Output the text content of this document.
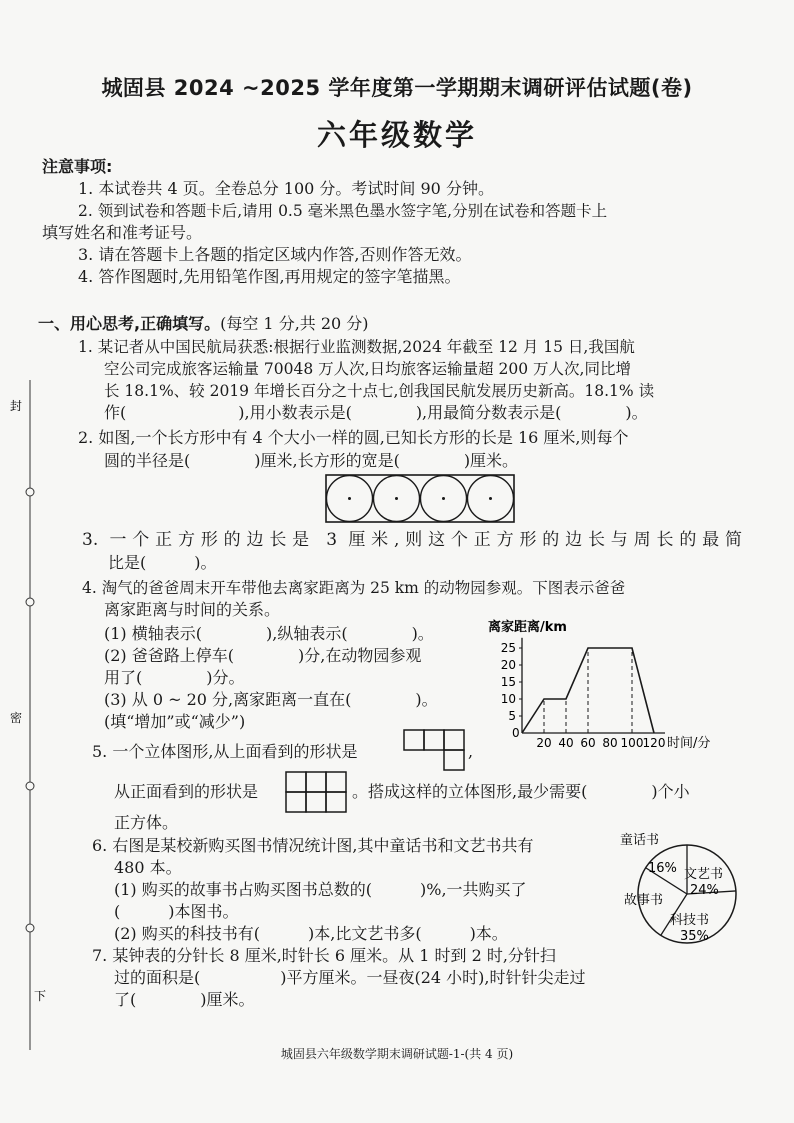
城固县 2024 ~2025 学年度第一学期期末调研评估试题(卷)
六年级数学
注意事项:
1. 本试卷共 4 页。全卷总分 100 分。考试时间 90 分钟。
2. 领到试卷和答题卡后,请用 0.5 毫米黑色墨水签字笔,分别在试卷和答题卡上
填写姓名和准考证号。
3. 请在答题卡上各题的指定区域内作答,否则作答无效。
4. 答作图题时,先用铅笔作图,再用规定的签字笔描黑。
一、用心思考,正确填写。(每空 1 分,共 20 分)
1. 某记者从中国民航局获悉:根据行业监测数据,2024 年截至 12 月 15 日,我国航
空公司完成旅客运输量 70048 万人次,日均旅客运输量超 200 万人次,同比增
长 18.1%、较 2019 年增长百分之十点七,创我国民航发展历史新高。18.1% 读
作(　　　　　　　),用小数表示是(　　　　),用最简分数表示是(　　　　)。
2. 如图,一个长方形中有 4 个大小一样的圆,已知长方形的长是 16 厘米,则每个
圆的半径是(　　　　)厘米,长方形的宽是(　　　　)厘米。
3. 一个正方形的边长是 3 厘米,则这个正方形的边长与周长的最简
比是(　　　)。
4. 淘气的爸爸周末开车带他去离家距离为 25 km 的动物园参观。下图表示爸爸
离家距离与时间的关系。
(1) 横轴表示(　　　　),纵轴表示(　　　　)。
(2) 爸爸路上停车(　　　　)分,在动物园参观
用了(　　　　)分。
(3) 从 0 ~ 20 分,离家距离一直在(　　　　)。
(填“增加”或“减少”)
离家距离/km
时间/分
0
5
10
15
20
25
20 40 60 80 100 120
5. 一个立体图形,从上面看到的形状是	,
从正面看到的形状是	。搭成这样的立体图形,最少需要(　　　　)个小
正方体。
6. 右图是某校新购买图书情况统计图,其中童话书和文艺书共有
480 本。
(1) 购买的故事书占购买图书总数的(　　　)%,一共购买了
(　　　)本图书。
(2) 购买的科技书有(　　　)本,比文艺书多(　　　)本。
童话书
16% 文艺书
24%
科技书
35%
故事书
7. 某钟表的分针长 8 厘米,时针长 6 厘米。从 1 时到 2 时,分针扫
过的面积是(　　　　　)平方厘米。一昼夜(24 小时),时针针尖走过
了(　　　　)厘米。
封
密
下
城固县六年级数学期末调研试题-1-(共 4 页)
